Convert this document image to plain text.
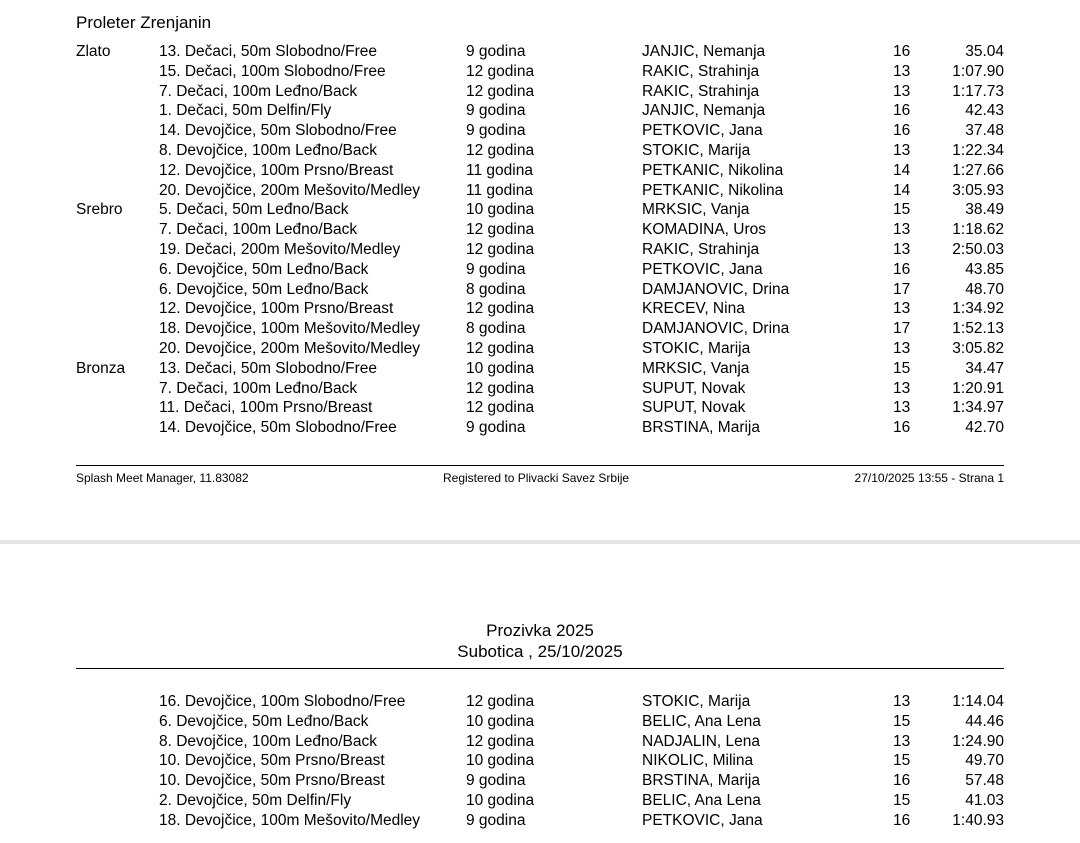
Proleter Zrenjanin
Zlato	13. Dečaci, 50m Slobodno/Free	9 godina	JANJIC, Nemanja	16	35.04
15. Dečaci, 100m Slobodno/Free	12 godina	RAKIC, Strahinja	13	1:07.90
7. Dečaci, 100m Leđno/Back	12 godina	RAKIC, Strahinja	13	1:17.73
1. Dečaci, 50m Delfin/Fly	9 godina	JANJIC, Nemanja	16	42.43
14. Devojčice, 50m Slobodno/Free	9 godina	PETKOVIC, Jana	16	37.48
8. Devojčice, 100m Leđno/Back	12 godina	STOKIC, Marija	13	1:22.34
12. Devojčice, 100m Prsno/Breast	11 godina	PETKANIC, Nikolina	14	1:27.66
20. Devojčice, 200m Mešovito/Medley	11 godina	PETKANIC, Nikolina	14	3:05.93
Srebro 5. Dečaci, 50m Leđno/Back	10 godina	MRKSIC, Vanja	15	38.49
7. Dečaci, 100m Leđno/Back	12 godina	KOMADINA, Uros	13	1:18.62
19. Dečaci, 200m Mešovito/Medley	12 godina	RAKIC, Strahinja	13	2:50.03
6. Devojčice, 50m Leđno/Back	9 godina	PETKOVIC, Jana	16	43.85
6. Devojčice, 50m Leđno/Back	8 godina	DAMJANOVIC, Drina	17	48.70
12. Devojčice, 100m Prsno/Breast	12 godina	KRECEV, Nina	13	1:34.92
18. Devojčice, 100m Mešovito/Medley	8 godina	DAMJANOVIC, Drina	17	1:52.13
20. Devojčice, 200m Mešovito/Medley	12 godina	STOKIC, Marija	13	3:05.82
Bronza 13. Dečaci, 50m Slobodno/Free	10 godina	MRKSIC, Vanja	15	34.47
7. Dečaci, 100m Leđno/Back	12 godina	SUPUT, Novak	13	1:20.91
11. Dečaci, 100m Prsno/Breast	12 godina	SUPUT, Novak	13	1:34.97
14. Devojčice, 50m Slobodno/Free	9 godina	BRSTINA, Marija	16	42.70
Splash Meet Manager, 11.83082	Registered to Plivacki Savez Srbije	27/10/2025 13:55 - Strana 1
Prozivka 2025
Subotica , 25/10/2025
16. Devojčice, 100m Slobodno/Free	12 godina	STOKIC, Marija	13	1:14.04
6. Devojčice, 50m Leđno/Back	10 godina	BELIC, Ana Lena	15	44.46
8. Devojčice, 100m Leđno/Back	12 godina	NADJALIN, Lena	13	1:24.90
10. Devojčice, 50m Prsno/Breast	10 godina	NIKOLIC, Milina	15	49.70
10. Devojčice, 50m Prsno/Breast	9 godina	BRSTINA, Marija	16	57.48
2. Devojčice, 50m Delfin/Fly	10 godina	BELIC, Ana Lena	15	41.03
18. Devojčice, 100m Mešovito/Medley	9 godina	PETKOVIC, Jana	16	1:40.93
